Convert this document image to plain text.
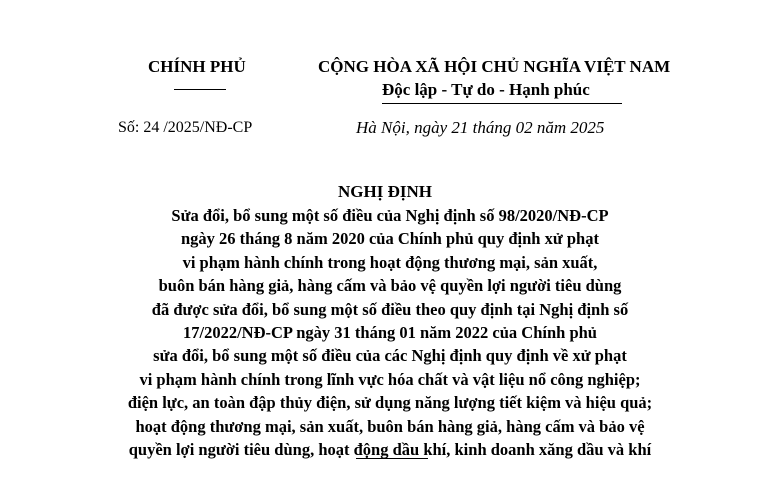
CHÍNH PHỦ
Số: 24 /2025/NĐ-CP
CỘNG HÒA XÃ HỘI CHỦ NGHĨA VIỆT NAM
Độc lập - Tự do - Hạnh phúc
Hà Nội, ngày 21 tháng 02 năm 2025
NGHỊ ĐỊNH
Sửa đổi, bổ sung một số điều của Nghị định số 98/2020/NĐ-CP
ngày 26 tháng 8 năm 2020 của Chính phủ quy định xử phạt
vi phạm hành chính trong hoạt động thương mại, sản xuất,
buôn bán hàng giả, hàng cấm và bảo vệ quyền lợi người tiêu dùng
đã được sửa đổi, bổ sung một số điều theo quy định tại Nghị định số
17/2022/NĐ-CP ngày 31 tháng 01 năm 2022 của Chính phủ
sửa đổi, bổ sung một số điều của các Nghị định quy định về xử phạt
vi phạm hành chính trong lĩnh vực hóa chất và vật liệu nổ công nghiệp;
điện lực, an toàn đập thủy điện, sử dụng năng lượng tiết kiệm và hiệu quả;
hoạt động thương mại, sản xuất, buôn bán hàng giả, hàng cấm và bảo vệ
quyền lợi người tiêu dùng, hoạt động dầu khí, kinh doanh xăng dầu và khí
